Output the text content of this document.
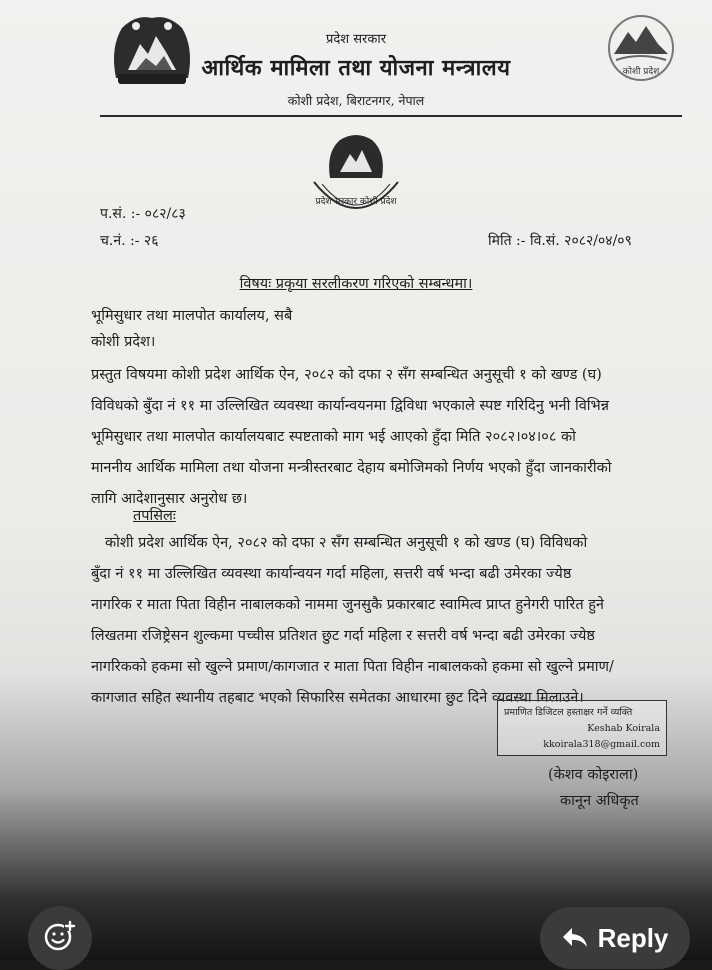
कोशी प्रदेश
प्रदेश सरकार
आर्थिक मामिला तथा योजना मन्त्रालय
कोशी प्रदेश, बिराटनगर, नेपाल
प्रदेश सरकार कोशी प्रदेश
प.सं. :- ०८२/८३
च.नं. :- २६	मिति :- वि.सं. २०८२/०४/०९
विषयः प्रकृया सरलीकरण गरिएको सम्बन्धमा।
भूमिसुधार तथा मालपोत कार्यालय, सबै
कोशी प्रदेश।
प्रस्तुत विषयमा कोशी प्रदेश आर्थिक ऐन, २०८२ को दफा २ सँग सम्बन्धित अनुसूची १ को खण्ड (घ)
विविधको बुँदा नं ११ मा उल्लिखित व्यवस्था कार्यान्वयनमा द्विविधा भएकाले स्पष्ट गरिदिनु भनी विभिन्न
भूमिसुधार तथा मालपोत कार्यालयबाट स्पष्टताको माग भई आएको हुँदा मिति २०८२।०४।०८ को
माननीय आर्थिक मामिला तथा योजना मन्त्रीस्तरबाट देहाय बमोजिमको निर्णय भएको हुँदा जानकारीको
लागि आदेशानुसार अनुरोध छ।
तपसिलः
कोशी प्रदेश आर्थिक ऐन, २०८२ को दफा २ सँग सम्बन्धित अनुसूची १ को खण्ड (घ) विविधको
बुँदा नं ११ मा उल्लिखित व्यवस्था कार्यान्वयन गर्दा महिला, सत्तरी वर्ष भन्दा बढी उमेरका ज्येष्ठ
नागरिक र माता पिता विहीन नाबालकको नाममा जुनसुकै प्रकारबाट स्वामित्व प्राप्त हुनेगरी पारित हुने
लिखतमा रजिष्ट्रेसन शुल्कमा पच्चीस प्रतिशत छुट गर्दा महिला र सत्तरी वर्ष भन्दा बढी उमेरका ज्येष्ठ
नागरिकको हकमा सो खुल्ने प्रमाण/कागजात र माता पिता विहीन नाबालकको हकमा सो खुल्ने प्रमाण/
कागजात सहित स्थानीय तहबाट भएको सिफारिस समेतका आधारमा छुट दिने व्यवस्था मिलाउने।
प्रमाणित डिजिटल हस्ताक्षर गर्ने व्यक्ति
Keshab Koirala
kkoirala318@gmail.com
(केशव कोइराला)
कानून अधिकृत
Reply
